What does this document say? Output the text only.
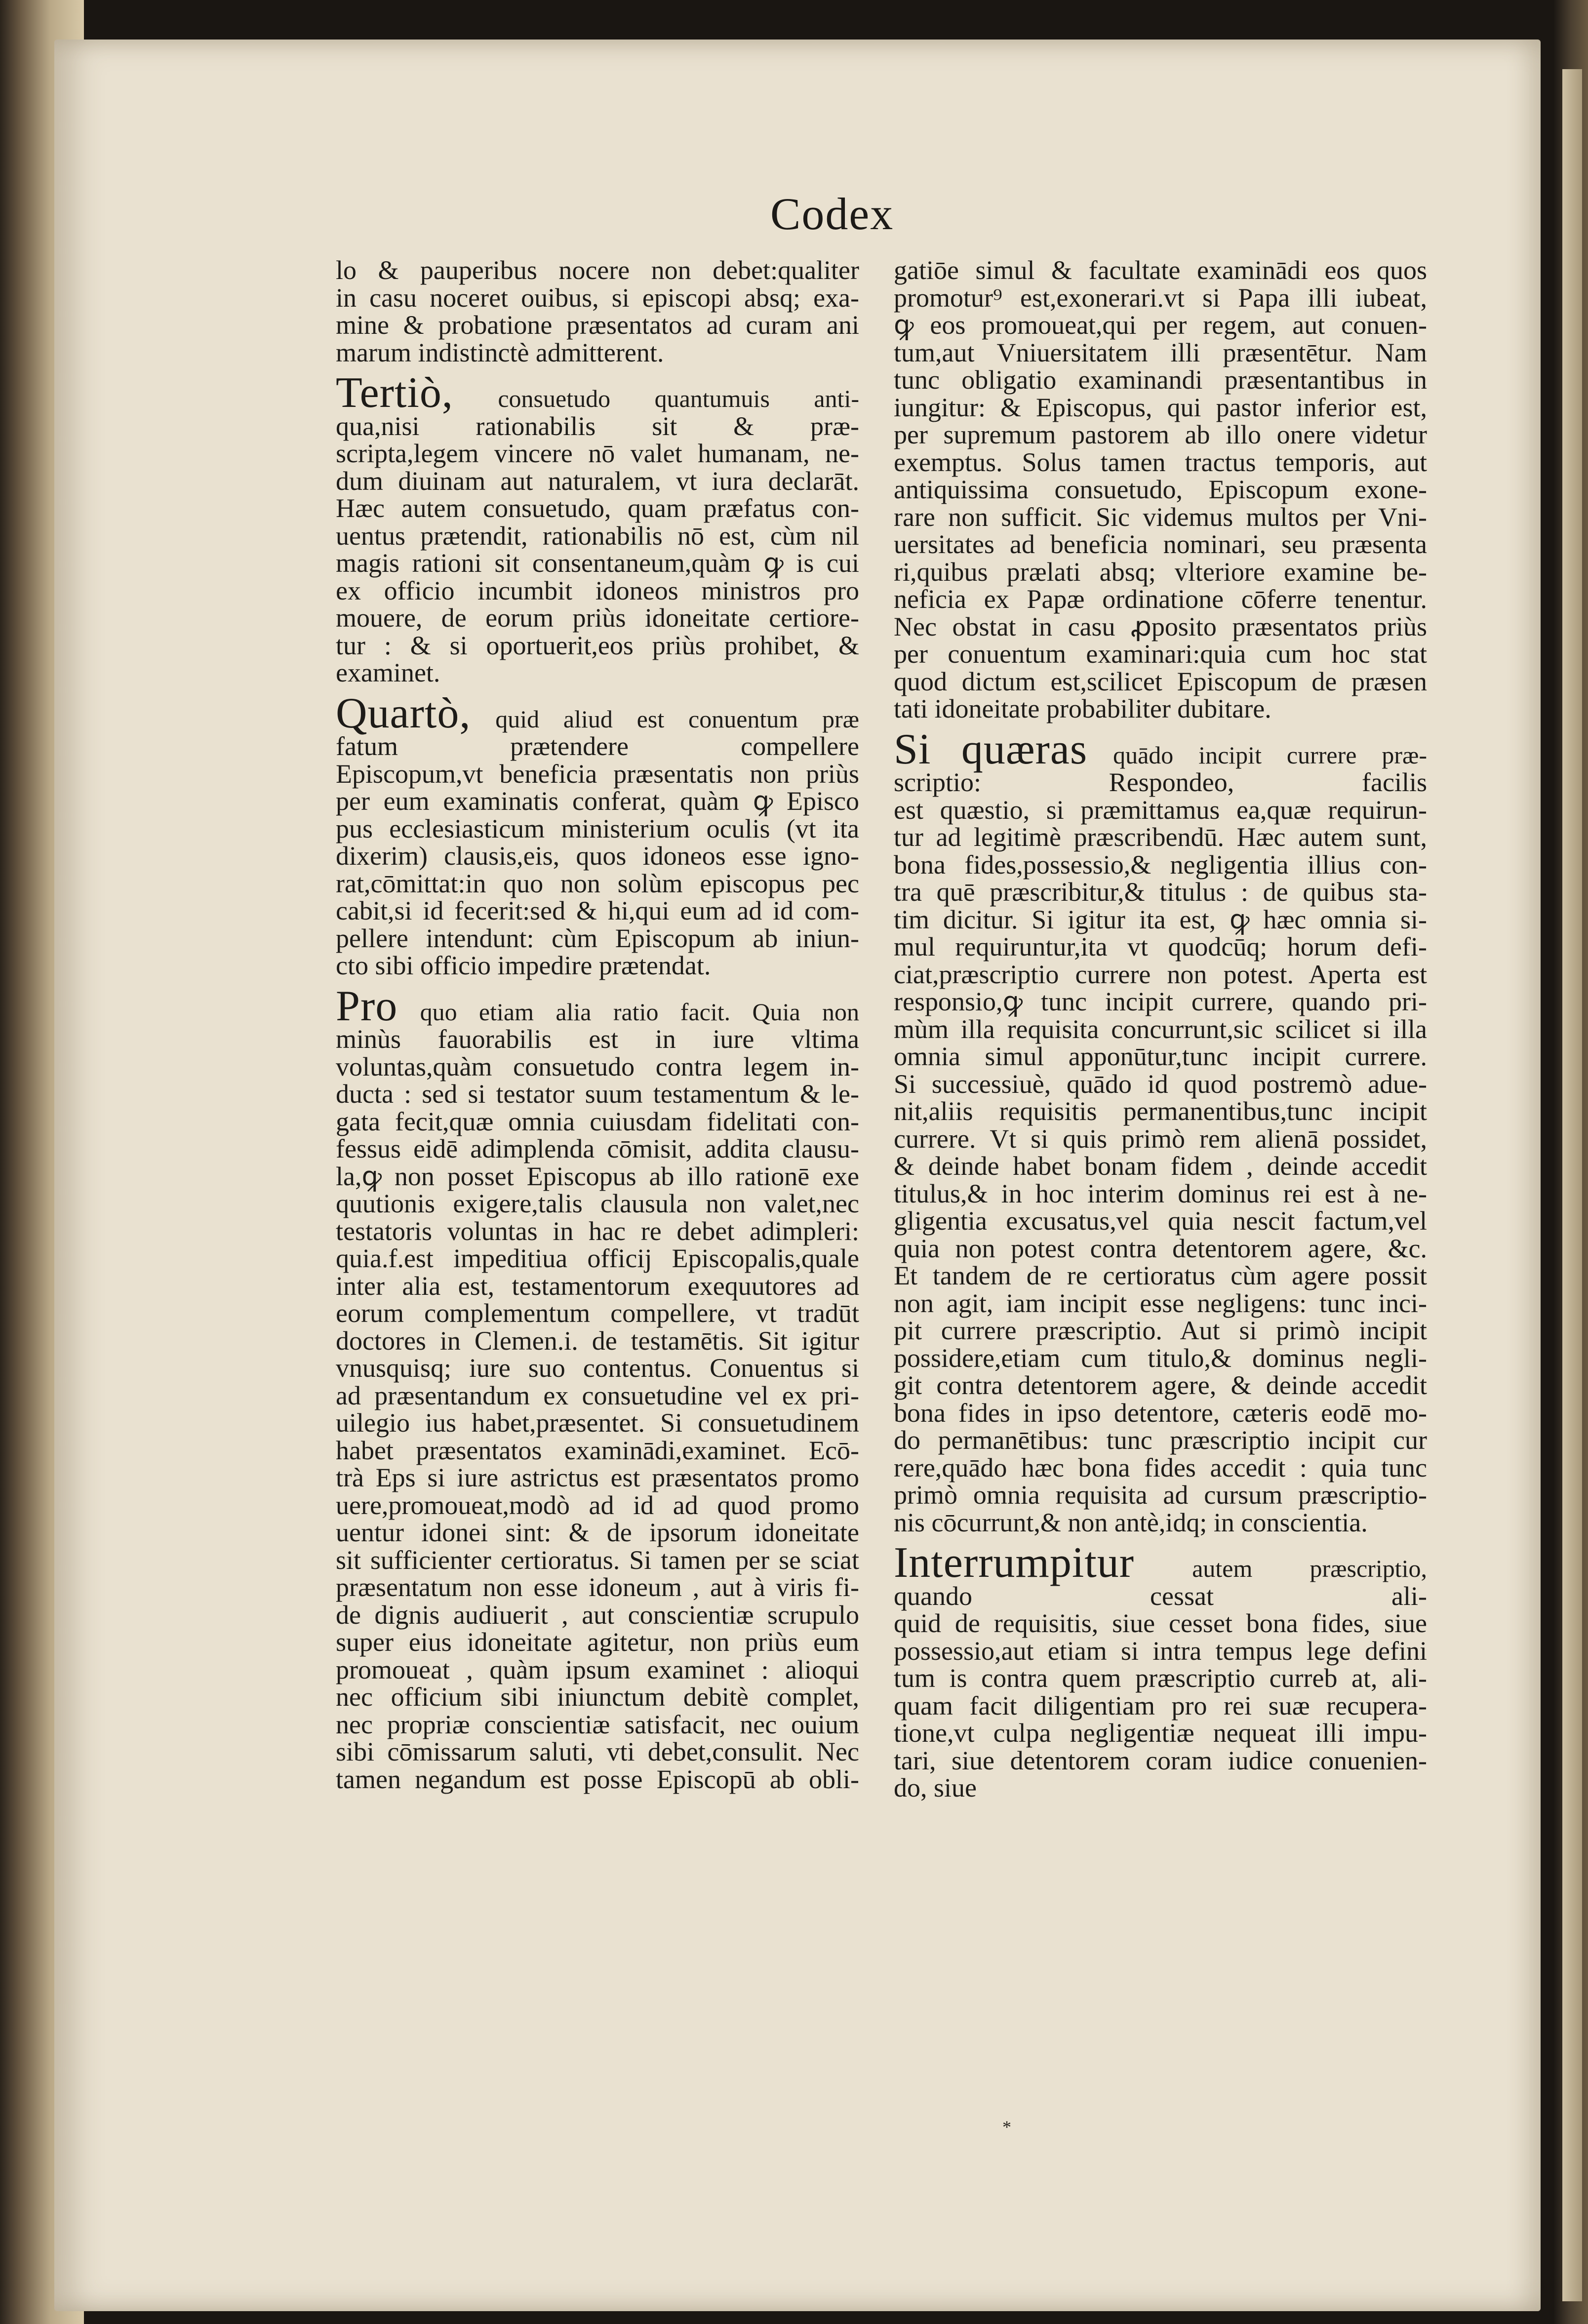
Codex
lo & pauperibus nocere non debet:qualiter
in casu noceret ouibus, si episcopi absq; exa-
mine & probatione præsentatos ad curam ani
marum indistinctè admitterent.
Tertiò, consuetudo quantumuis anti-
qua,nisi rationabilis sit & præ-
scripta,legem vincere nō valet humanam, ne-
dum diuinam aut naturalem, vt iura declarāt.
Hæc autem consuetudo, quam præfatus con-
uentus prætendit, rationabilis nō est, cùm nil
magis rationi sit consentaneum,quàm ꝙ is cui
ex officio incumbit idoneos ministros pro
mouere, de eorum priùs idoneitate certiore-
tur : & si oportuerit,eos priùs prohibet, &
examinet.
Quartò, quid aliud est conuentum præ
fatum prætendere compellere
Episcopum,vt beneficia præsentatis non priùs
per eum examinatis conferat, quàm ꝙ Episco
pus ecclesiasticum ministerium oculis (vt ita
dixerim) clausis,eis, quos idoneos esse igno-
rat,cōmittat:in quo non solùm episcopus pec
cabit,si id fecerit:sed & hi,qui eum ad id com-
pellere intendunt: cùm Episcopum ab iniun-
cto sibi officio impedire prætendat.
Pro quo etiam alia ratio facit. Quia non
minùs fauorabilis est in iure vltima
voluntas,quàm consuetudo contra legem in-
ducta : sed si testator suum testamentum & le-
gata fecit,quæ omnia cuiusdam fidelitati con-
fessus eidē adimplenda cōmisit, addita clausu-
la,ꝙ non posset Episcopus ab illo rationē exe
quutionis exigere,talis clausula non valet,nec
testatoris voluntas in hac re debet adimpleri:
quia.f.est impeditiua officij Episcopalis,quale
inter alia est, testamentorum exequutores ad
eorum complementum compellere, vt tradūt
doctores in Clemen.i. de testamētis. Sit igitur
vnusquisq; iure suo contentus. Conuentus si
ad præsentandum ex consuetudine vel ex pri-
uilegio ius habet,præsentet. Si consuetudinem
habet præsentatos examinādi,examinet. Ecō-
trà Eps si iure astrictus est præsentatos promo
uere,promoueat,modò ad id ad quod promo
uentur idonei sint: & de ipsorum idoneitate
sit sufficienter certioratus. Si tamen per se sciat
præsentatum non esse idoneum , aut à viris fi-
de dignis audiuerit , aut conscientiæ scrupulo
super eius idoneitate agitetur, non priùs eum
promoueat , quàm ipsum examinet : alioqui
nec officium sibi iniunctum debitè complet,
nec propriæ conscientiæ satisfacit, nec ouium
sibi cōmissarum saluti, vti debet,consulit. Nec
tamen negandum est posse Episcopū ab obli-
gatiōe simul & facultate examinādi eos quos
promotur⁹ est,exonerari.vt si Papa illi iubeat,
ꝙ eos promoueat,qui per regem, aut conuen-
tum,aut Vniuersitatem illi præsentētur. Nam
tunc obligatio examinandi præsentantibus in
iungitur: & Episcopus, qui pastor inferior est,
per supremum pastorem ab illo onere videtur
exemptus. Solus tamen tractus temporis, aut
antiquissima consuetudo, Episcopum exone-
rare non sufficit. Sic videmus multos per Vni-
uersitates ad beneficia nominari, seu præsenta
ri,quibus prælati absq; vlteriore examine be-
neficia ex Papæ ordinatione cōferre tenentur.
Nec obstat in casu ꝓposito præsentatos priùs
per conuentum examinari:quia cum hoc stat
quod dictum est,scilicet Episcopum de præsen
tati idoneitate probabiliter dubitare.
Si quæras quādo incipit currere præ-
scriptio: Respondeo, facilis
est quæstio, si præmittamus ea,quæ requirun-
tur ad legitimè præscribendū. Hæc autem sunt,
bona fides,possessio,& negligentia illius con-
tra quē præscribitur,& titulus : de quibus sta-
tim dicitur. Si igitur ita est, ꝙ hæc omnia si-
mul requiruntur,ita vt quodcūq; horum defi-
ciat,præscriptio currere non potest. Aperta est
responsio,ꝙ tunc incipit currere, quando pri-
mùm illa requisita concurrunt,sic scilicet si illa
omnia simul apponūtur,tunc incipit currere.
Si successiuè, quādo id quod postremò adue-
nit,aliis requisitis permanentibus,tunc incipit
currere. Vt si quis primò rem alienā possidet,
& deinde habet bonam fidem , deinde accedit
titulus,& in hoc interim dominus rei est à ne-
gligentia excusatus,vel quia nescit factum,vel
quia non potest contra detentorem agere, &c.
Et tandem de re certioratus cùm agere possit
non agit, iam incipit esse negligens: tunc inci-
pit currere præscriptio. Aut si primò incipit
possidere,etiam cum titulo,& dominus negli-
git contra detentorem agere, & deinde accedit
bona fides in ipso detentore, cæteris eodē mo-
do permanētibus: tunc præscriptio incipit cur
rere,quādo hæc bona fides accedit : quia tunc
primò omnia requisita ad cursum præscriptio-
nis cōcurrunt,& non antè,idq; in conscientia.
Interrumpitur autem præscriptio,
quando cessat ali-
quid de requisitis, siue cesset bona fides, siue
possessio,aut etiam si intra tempus lege defini
tum is contra quem præscriptio curreb at, ali-
quam facit diligentiam pro rei suæ recupera-
tione,vt culpa negligentiæ nequeat illi impu-
tari, siue detentorem coram iudice conuenien-
do, siue
*
